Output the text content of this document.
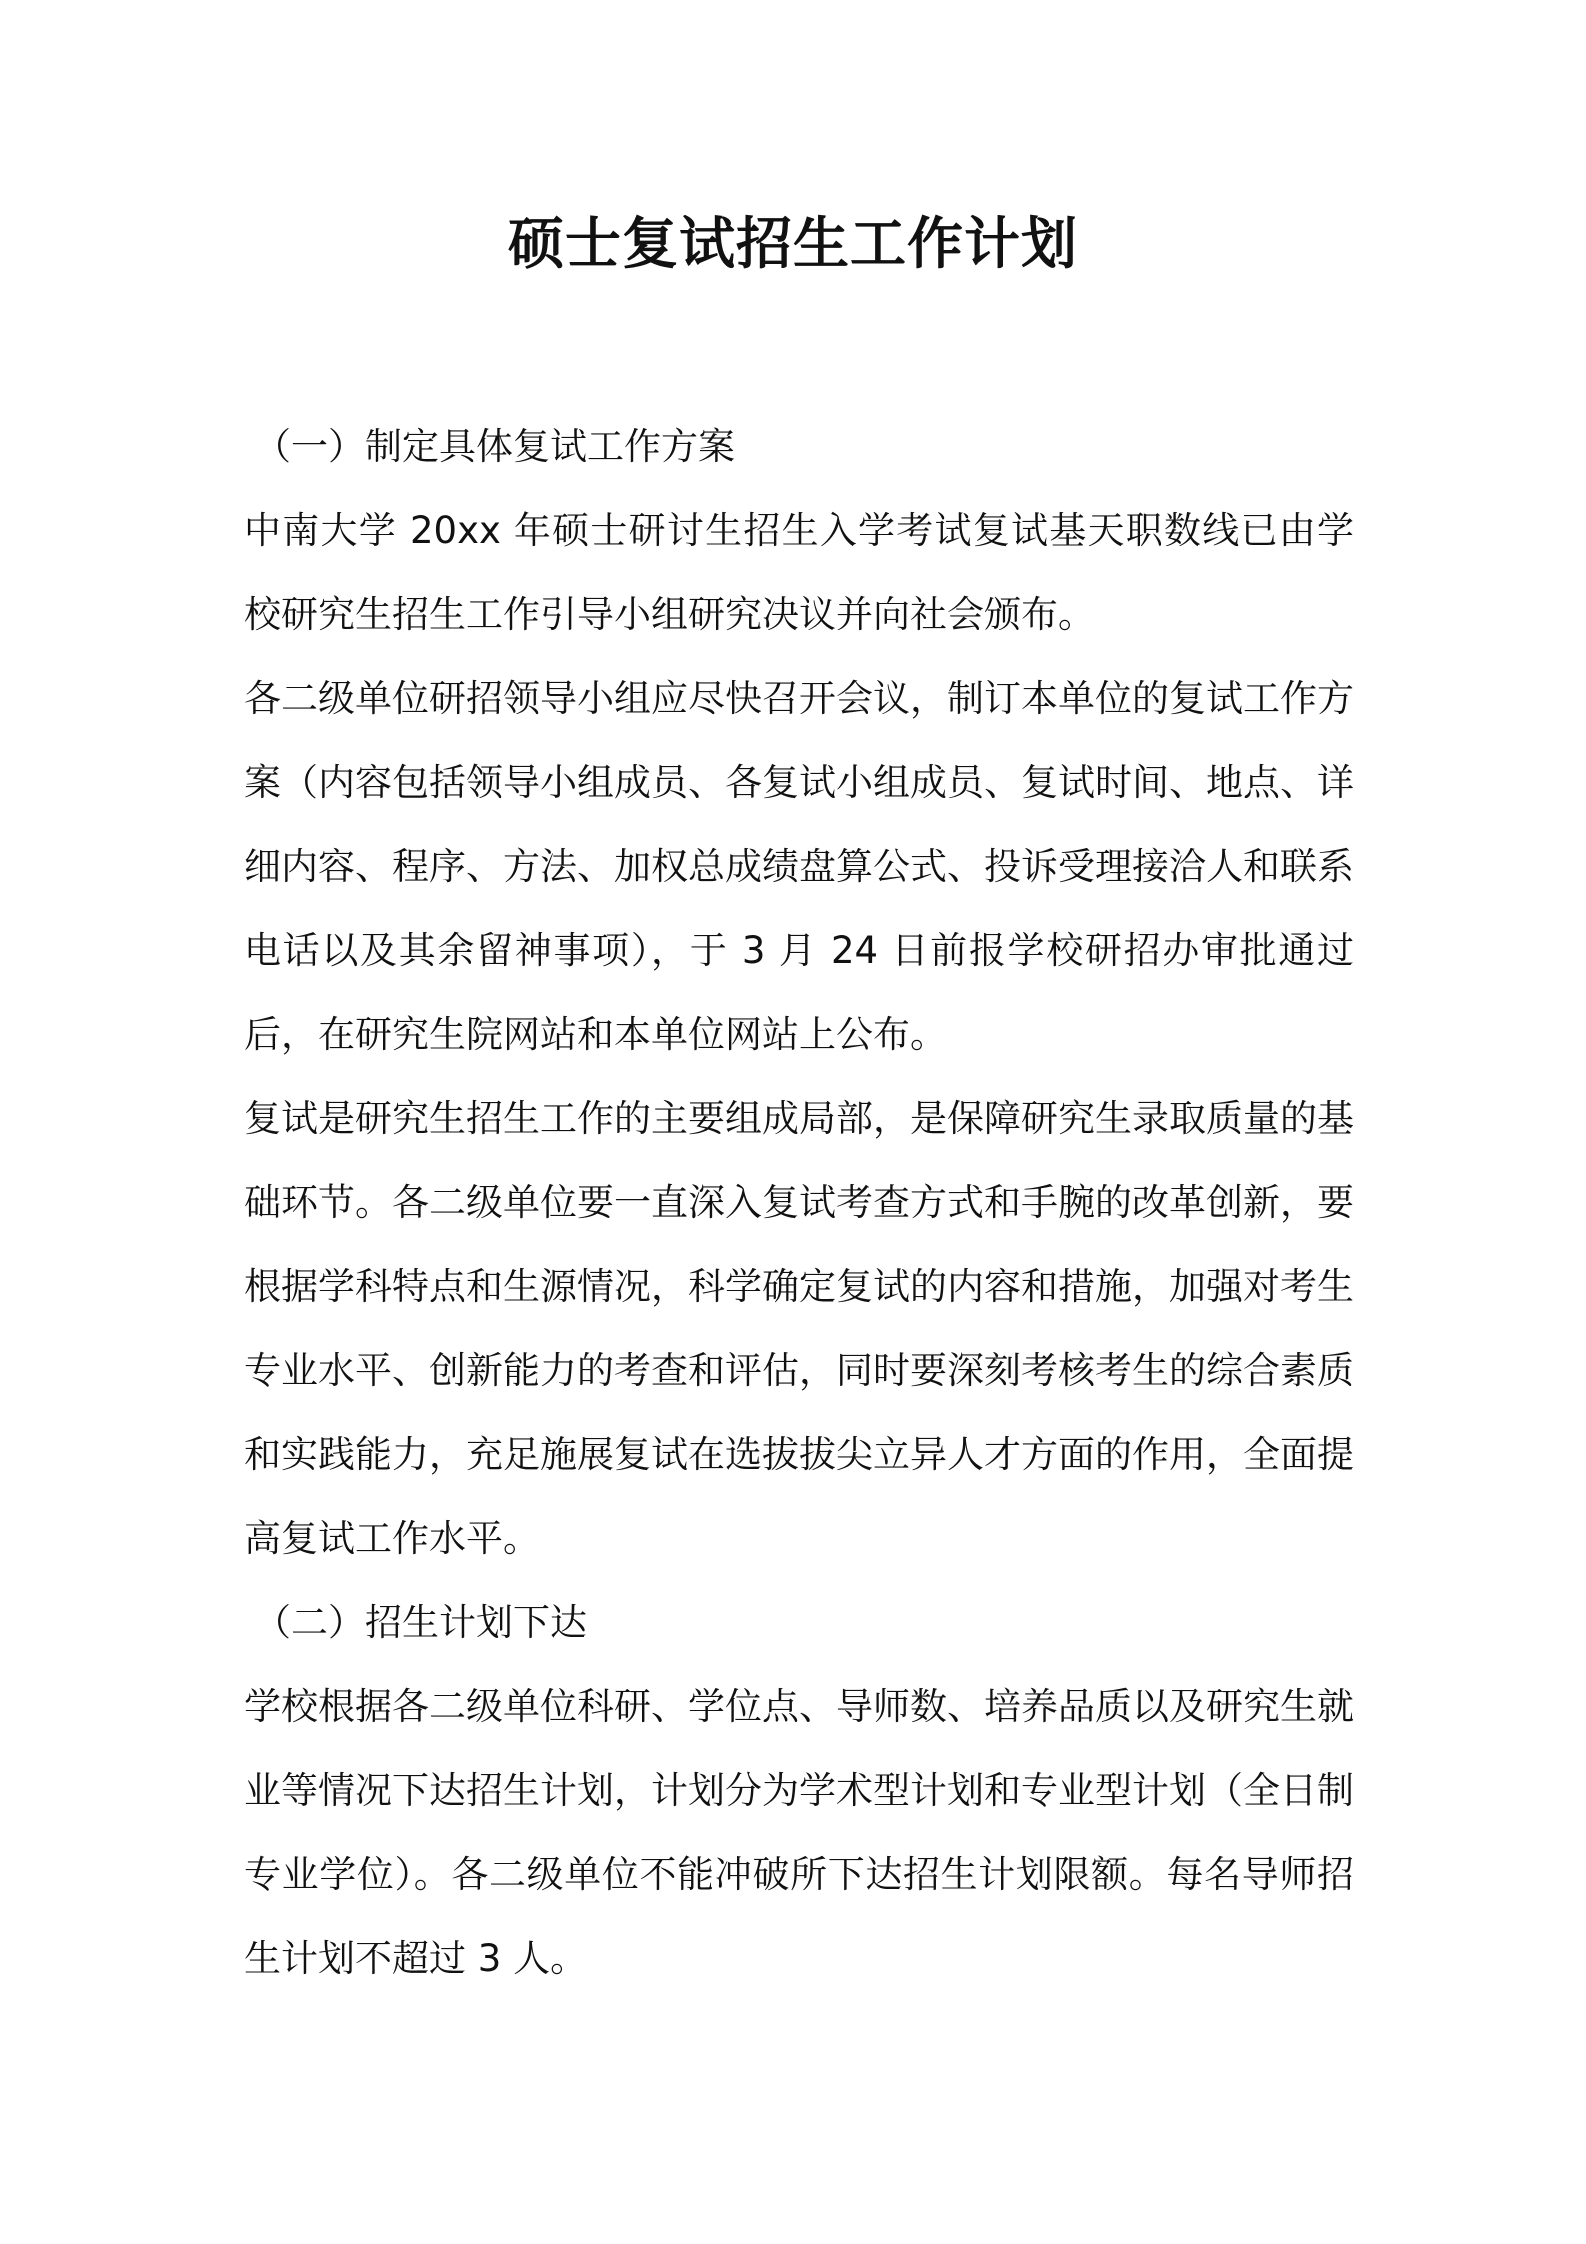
硕士复试招生工作计划

（一）制定具体复试工作方案

中南大学 20xx 年硕士研讨生招生入学考试复试基天职数线已由学校研究生招生工作引导小组研究决议并向社会颁布。

各二级单位研招领导小组应尽快召开会议，制订本单位的复试工作方案（内容包括领导小组成员、各复试小组成员、复试时间、地点、详细内容、程序、方法、加权总成绩盘算公式、投诉受理接洽人和联系电话以及其余留神事项），于 3 月 24 日前报学校研招办审批通过后，在研究生院网站和本单位网站上公布。

复试是研究生招生工作的主要组成局部，是保障研究生录取质量的基础环节。各二级单位要一直深入复试考查方式和手腕的改革创新，要根据学科特点和生源情况，科学确定复试的内容和措施，加强对考生专业水平、创新能力的考查和评估，同时要深刻考核考生的综合素质和实践能力，充足施展复试在选拔拔尖立异人才方面的作用，全面提高复试工作水平。

（二）招生计划下达

学校根据各二级单位科研、学位点、导师数、培养品质以及研究生就业等情况下达招生计划，计划分为学术型计划和专业型计划（全日制专业学位）。各二级单位不能冲破所下达招生计划限额。每名导师招生计划不超过 3 人。
